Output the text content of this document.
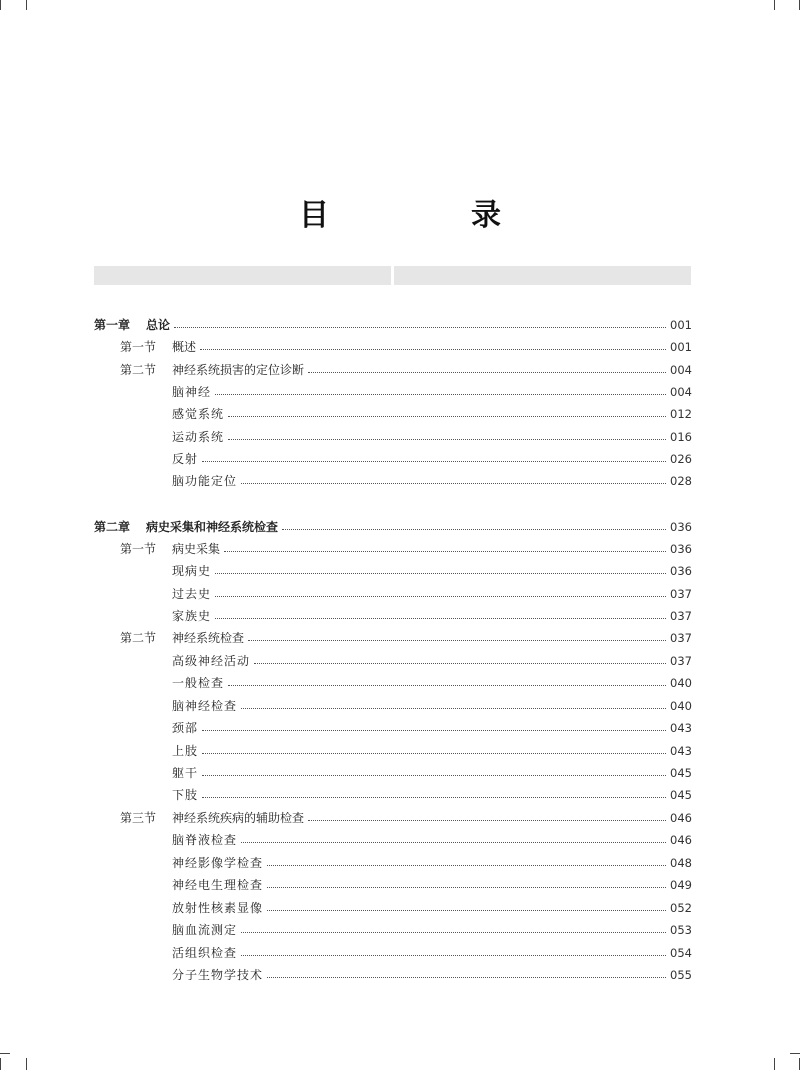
目　录
第一章	总论	001
第一节	概述	001
第二节	神经系统损害的定位诊断	004
脑神经	004
感觉系统	012
运动系统	016
反射	026
脑功能定位	028
第二章	病史采集和神经系统检查	036
第一节	病史采集	036
现病史	036
过去史	037
家族史	037
第二节	神经系统检查	037
高级神经活动	037
一般检查	040
脑神经检查	040
颈部	043
上肢	043
躯干	045
下肢	045
第三节	神经系统疾病的辅助检查	046
脑脊液检查	046
神经影像学检查	048
神经电生理检查	049
放射性核素显像	052
脑血流测定	053
活组织检查	054
分子生物学技术	055
